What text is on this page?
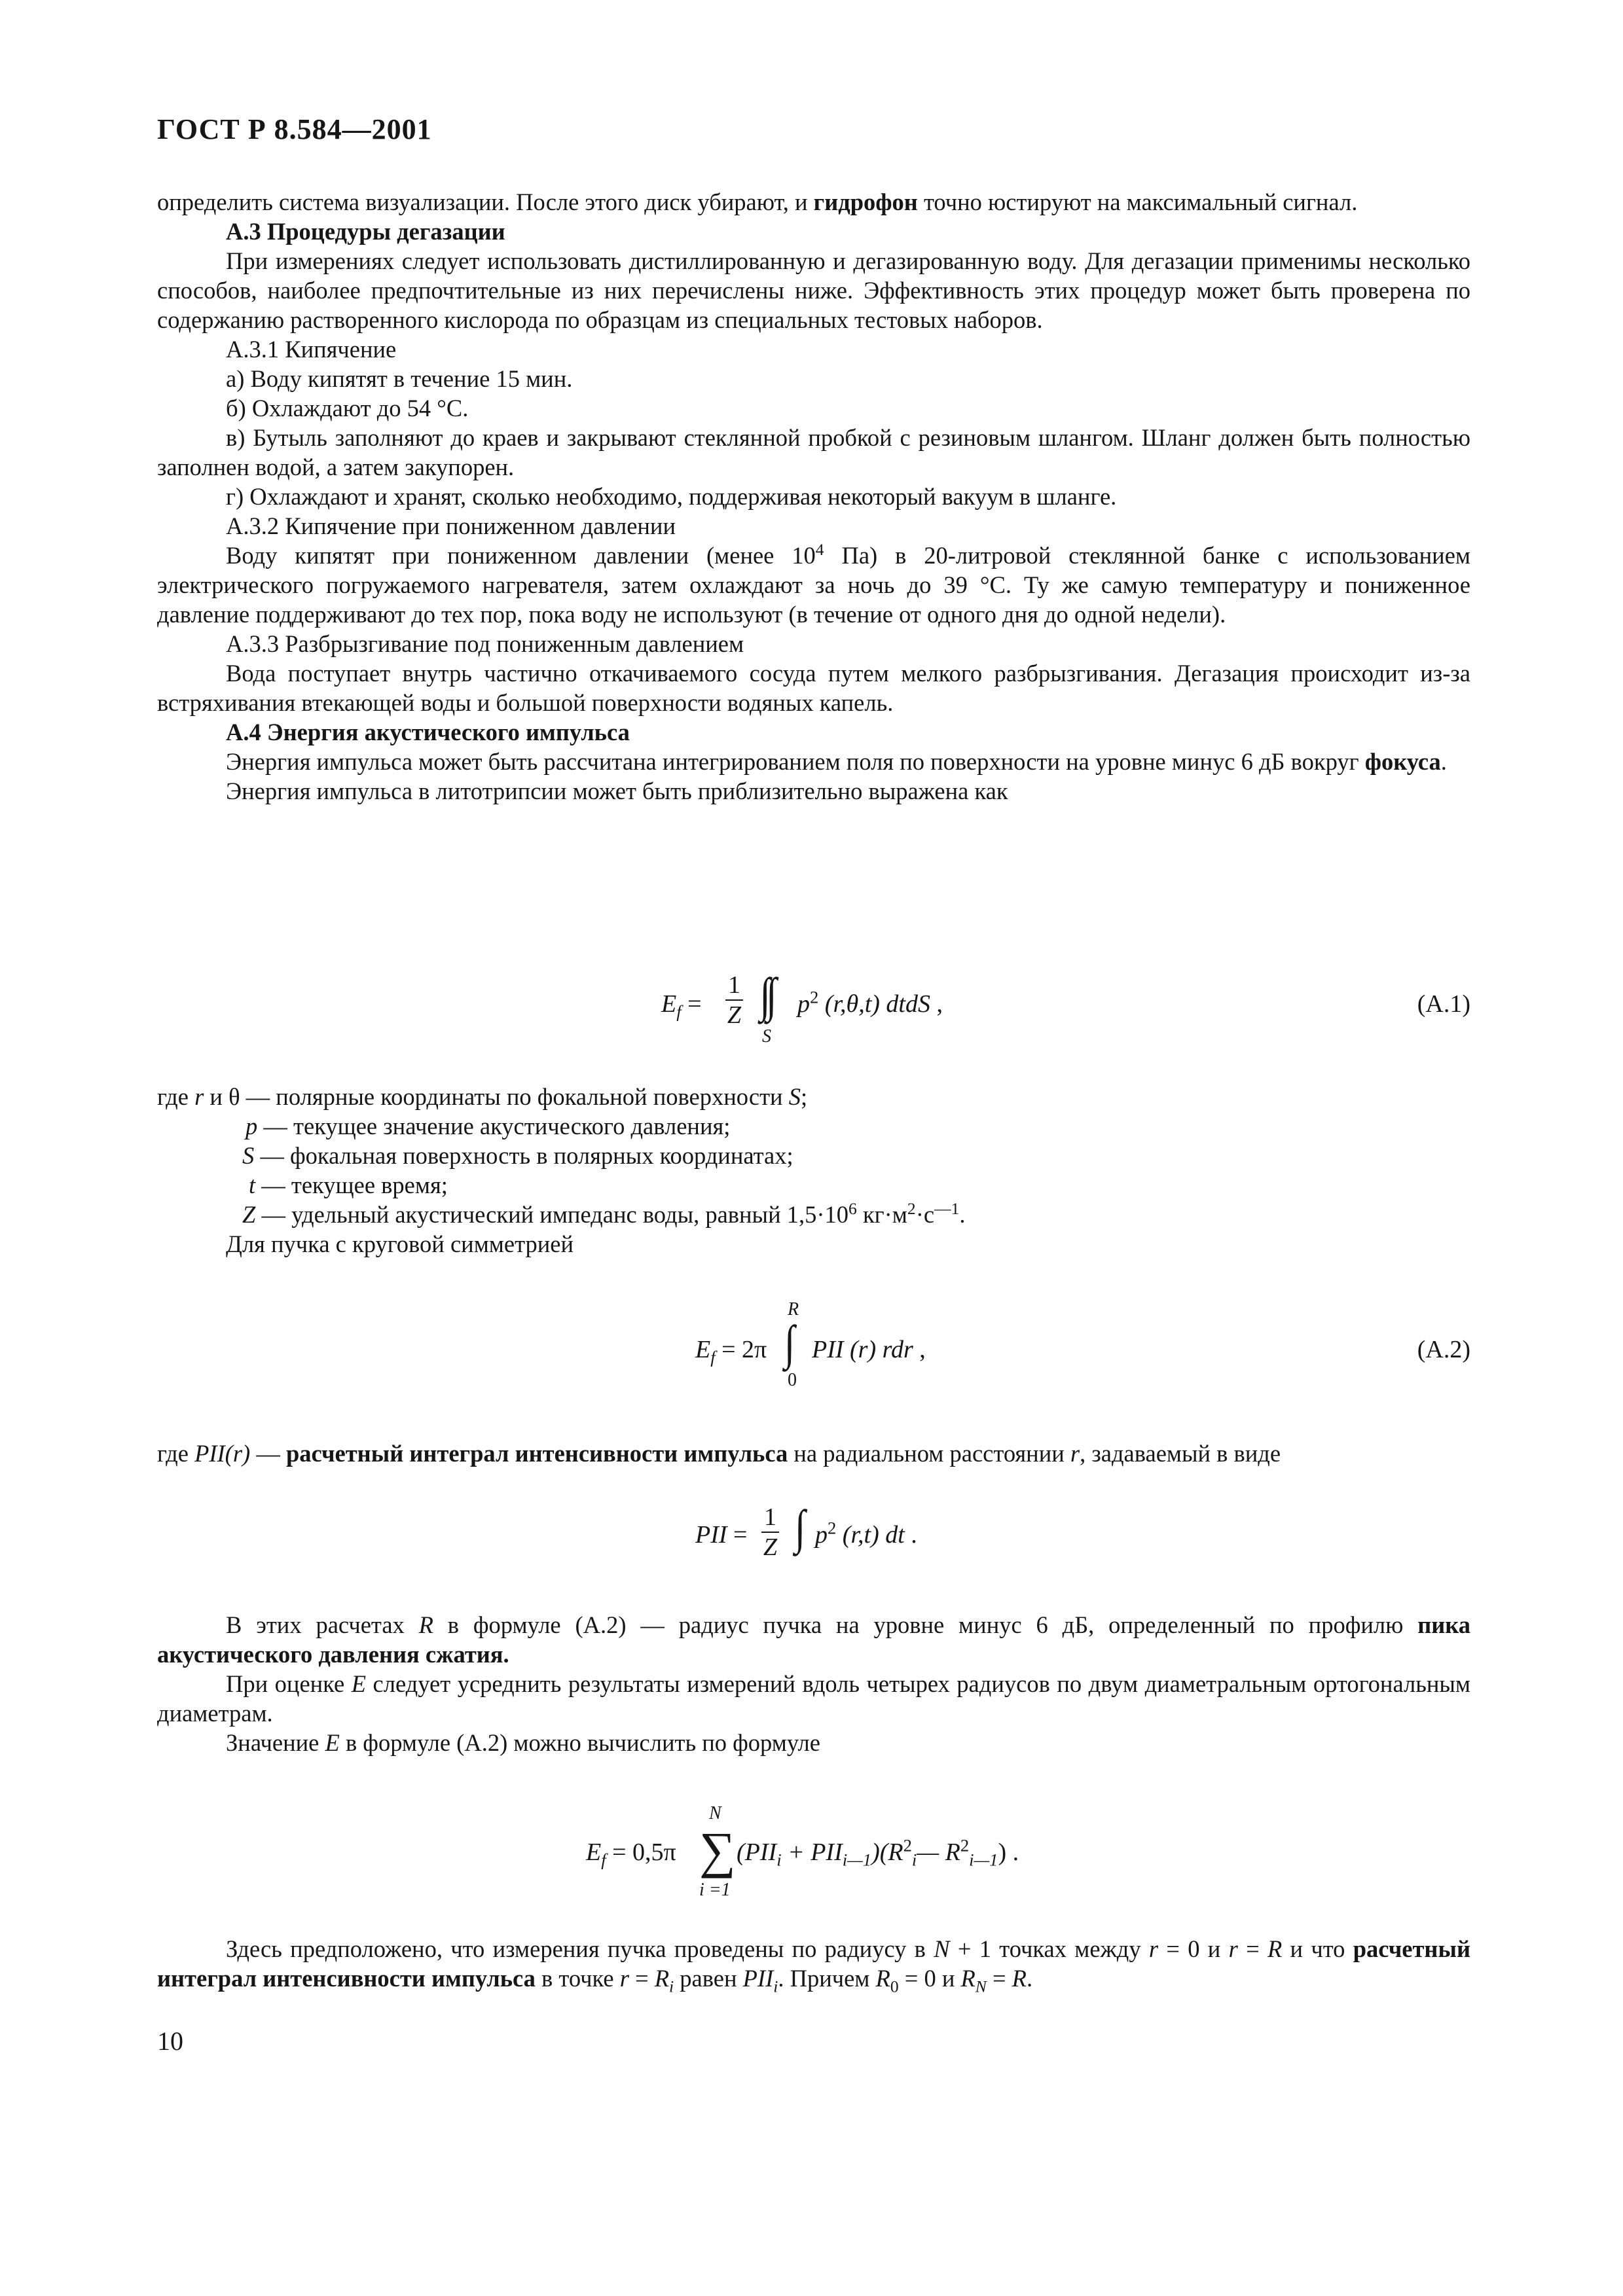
ГОСТ Р 8.584—2001

определить система визуализации. После этого диск убирают, и гидрофон точно юстируют на максимальный сигнал.

А.3 Процедуры дегазации

При измерениях следует использовать дистиллированную и дегазированную воду. Для дегазации применимы несколько способов, наиболее предпочтительные из них перечислены ниже. Эффективность этих процедур может быть проверена по содержанию растворенного кислорода по образцам из специальных тестовых наборов.

А.3.1 Кипячение

а) Воду кипятят в течение 15 мин.

б) Охлаждают до 54 °С.

в) Бутыль заполняют до краев и закрывают стеклянной пробкой с резиновым шлангом. Шланг должен быть полностью заполнен водой, а затем закупорен.

г) Охлаждают и хранят, сколько необходимо, поддерживая некоторый вакуум в шланге.

А.3.2 Кипячение при пониженном давлении

Воду кипятят при пониженном давлении (менее $10^4$ Па) в 20-литровой стеклянной банке с использованием электрического погружаемого нагревателя, затем охлаждают за ночь до 39 °С. Ту же самую температуру и пониженное давление поддерживают до тех пор, пока воду не используют (в течение от одного дня до одной недели).

А.3.3 Разбрызгивание под пониженным давлением

Вода поступает внутрь частично откачиваемого сосуда путем мелкого разбрызгивания. Дегазация происходит из-за встряхивания втекающей воды и большой поверхности водяных капель.

А.4 Энергия акустического импульса

Энергия импульса может быть рассчитана интегрированием поля по поверхности на уровне минус 6 дБ вокруг фокуса.

Энергия импульса в литотрипсии может быть приблизительно выражена как

$E_f = \frac{1}{Z}$ ∫∫
S
$p^2$ (r,θ,t) dtdS ,	(А.1)
где r и θ — полярные координаты по фокальной поверхности S;
p — текущее значение акустического давления;
S — фокальная поверхность в полярных координатах;
t — текущее время;
Z — удельный акустический импеданс воды, равный $1,5\cdot 10^6$ $кг\cdot м^2\cdot с^{—1}$.
Для пучка с круговой симметрией
$E_f = 2\pi$
R
∫
0
PII (r) rdr ,	(А.2)
где PII(r) — расчетный интеграл интенсивности импульса на радиальном расстоянии r, задаваемый в виде
PII = $\frac{1}{Z}$ ∫ $p^2$ (r,t) dt .

В этих расчетах R в формуле (А.2) — радиус пучка на уровне минус 6 дБ, определенный по профилю пика акустического давления сжатия.

При оценке E следует усреднить результаты измерений вдоль четырех радиусов по двум диаметральным ортогональным диаметрам.

Значение E в формуле (А.2) можно вычислить по формуле

$E_f = 0,5\pi$
N
∑
i =1
($PII_i$ + $PII_{i—1})(R^2_i—$ $R^2_{i—1}$) .

Здесь предположено, что измерения пучка проведены по радиусу в N + 1 точках между r = 0 и r = R и что расчетный интеграл интенсивности импульса в точке $r = R_i$ равен $PII_i$. Причем $R_0 = 0$ и $R_N = R$.

10
